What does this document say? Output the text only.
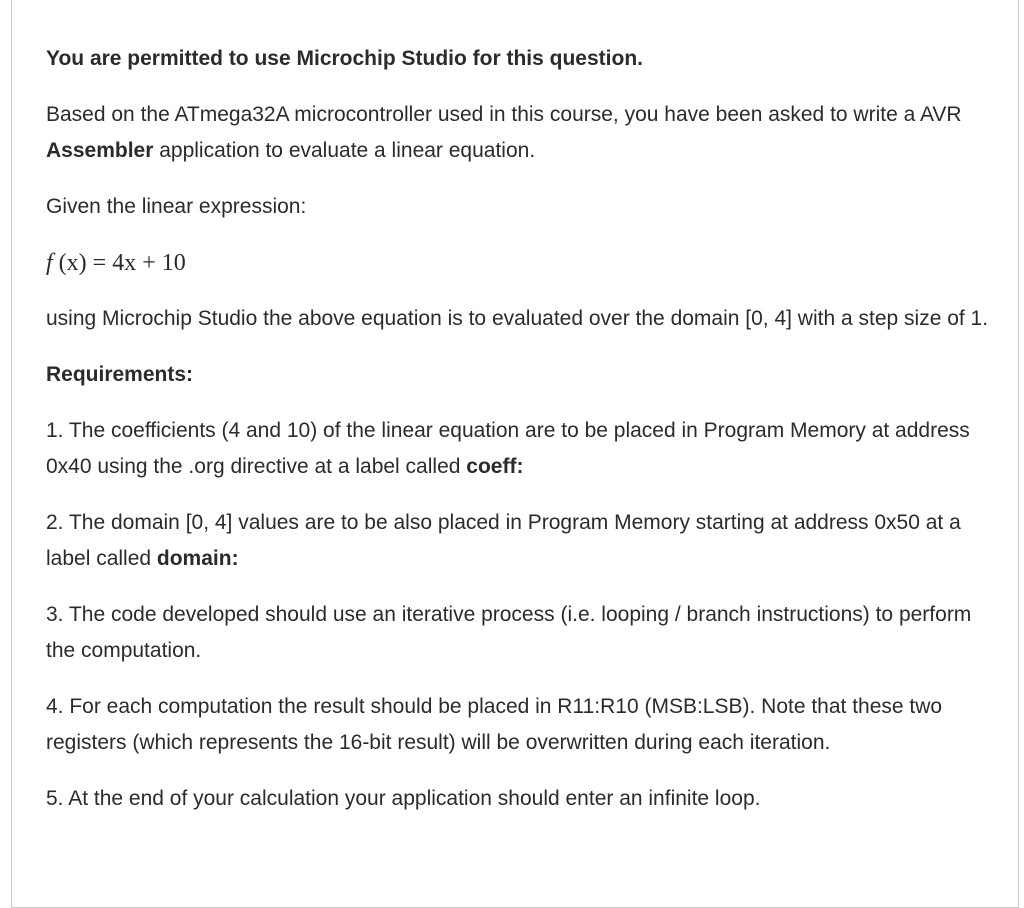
You are permitted to use Microchip Studio for this question.

Based on the ATmega32A microcontroller used in this course, you have been asked to write a AVR Assembler application to evaluate a linear equation.

Given the linear expression:

f (x) = 4x + 10

using Microchip Studio the above equation is to evaluated over the domain [0, 4] with a step size of 1.

Requirements:

1. The coefficients (4 and 10) of the linear equation are to be placed in Program Memory at address 0x40 using the .org directive at a label called coeff:

2. The domain [0, 4] values are to be also placed in Program Memory starting at address 0x50 at a label called domain:

3. The code developed should use an iterative process (i.e. looping / branch instructions) to perform the computation.

4. For each computation the result should be placed in R11:R10 (MSB:LSB). Note that these two registers (which represents the 16-bit result) will be overwritten during each iteration.

5. At the end of your calculation your application should enter an infinite loop.
